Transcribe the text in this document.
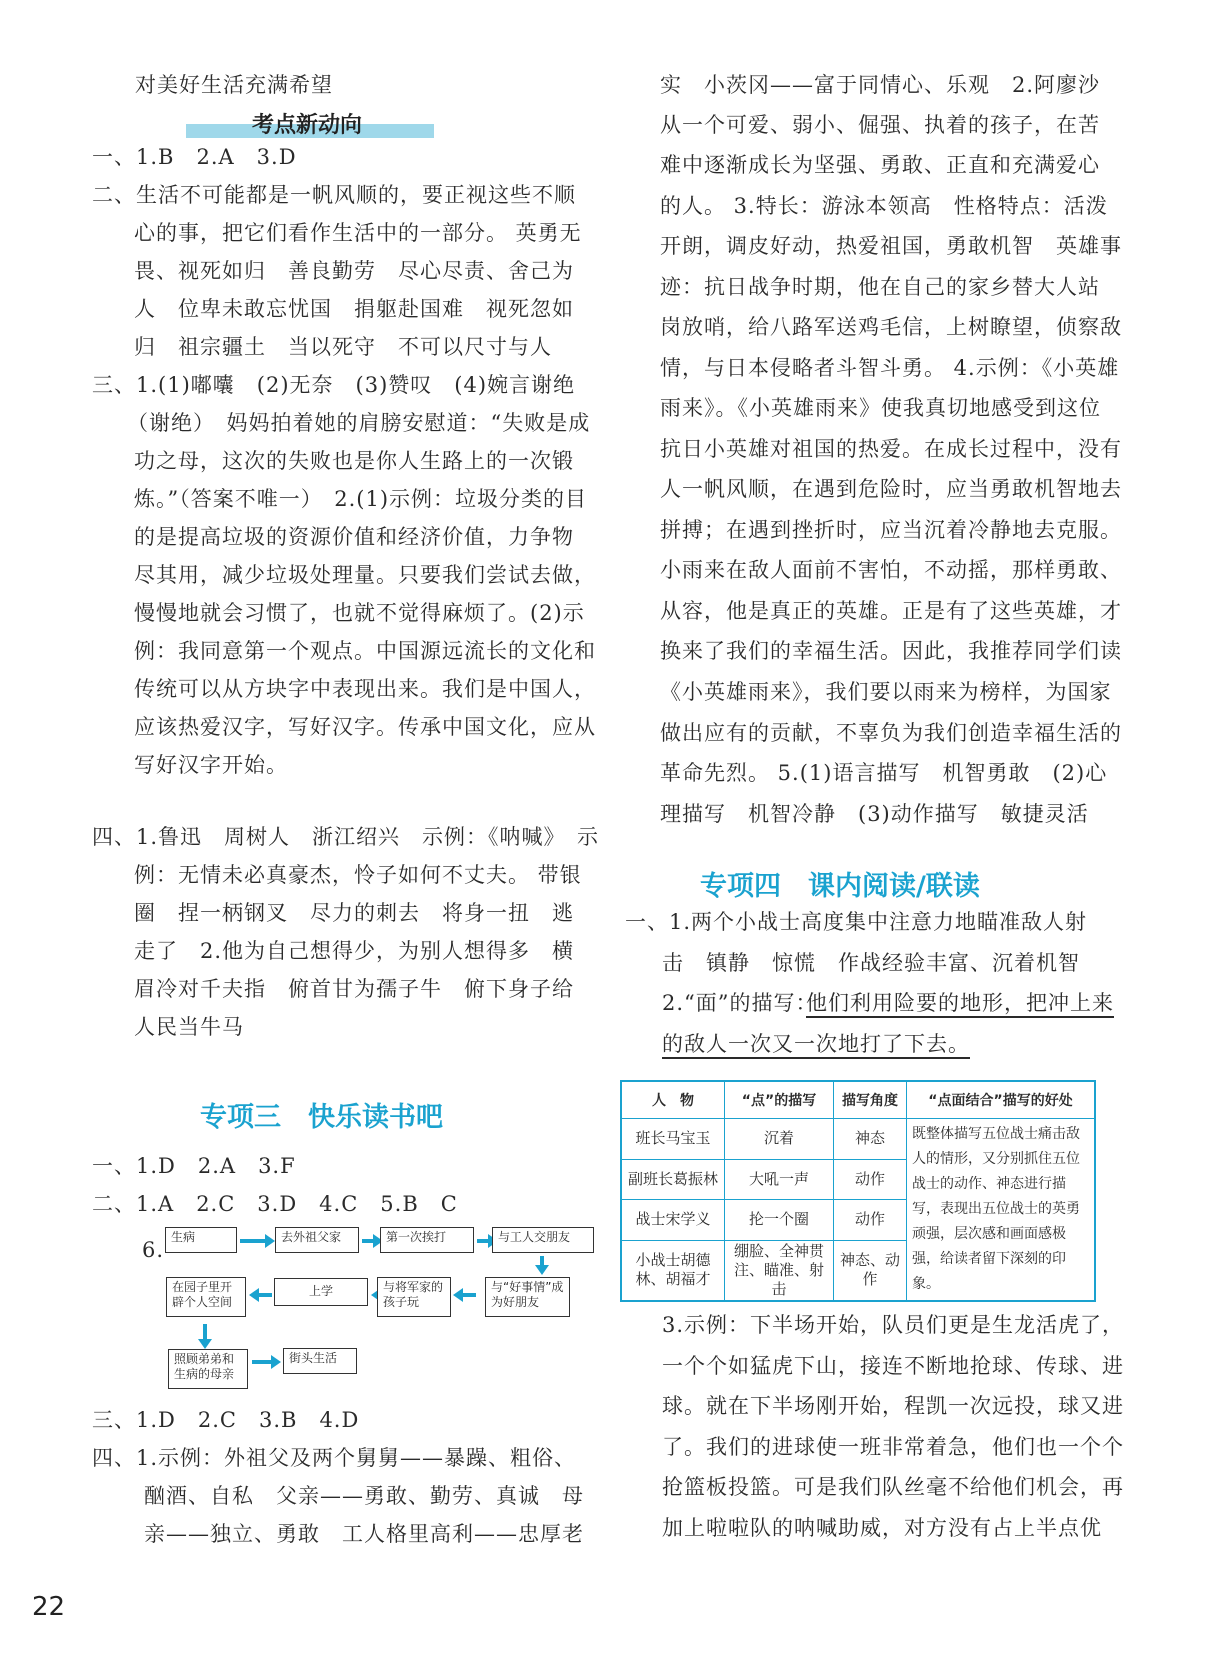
对美好生活充满希望
考点新动向
一、1.B　2.A　3.D
二、生活不可能都是一帆风顺的，要正视这些不顺
心的事，把它们看作生活中的一部分。 英勇无
畏、视死如归　善良勤劳　尽心尽责、舍己为
人　位卑未敢忘忧国　捐躯赴国难　视死忽如
归　祖宗疆土　当以死守　不可以尺寸与人
三、1.(1)嘟囔　(2)无奈　(3)赞叹　(4)婉言谢绝
（谢绝）　妈妈拍着她的肩膀安慰道：“失败是成
功之母，这次的失败也是你人生路上的一次锻
炼。”（答案不唯一）　2.(1)示例：垃圾分类的目
的是提高垃圾的资源价值和经济价值，力争物
尽其用，减少垃圾处理量。只要我们尝试去做，
慢慢地就会习惯了，也就不觉得麻烦了。(2)示
例：我同意第一个观点。中国源远流长的文化和
传统可以从方块字中表现出来。我们是中国人，
应该热爱汉字，写好汉字。传承中国文化，应从
写好汉字开始。
四、1.鲁迅　周树人　浙江绍兴　示例：《呐喊》　示
例：无情未必真豪杰，怜子如何不丈夫。 带银
圈　捏一柄钢叉　尽力的刺去　将身一扭　逃
走了　2.他为自己想得少，为别人想得多　横
眉冷对千夫指　俯首甘为孺子牛　俯下身子给
人民当牛马
专项三　快乐读书吧
一、1.D　2.A　3.F
二、1.A　2.C　3.D　4.C　5.B　C
6.
生病	去外祖父家	第一次挨打	与工人交朋友
在园子里开辟个人空间
上学	与将军家的孩子玩
与“好事情”成为好朋友
照顾弟弟和生病的母亲
街头生活
三、1.D　2.C　3.B　4.D
四、1.示例：外祖父及两个舅舅——暴躁、粗俗、
酗酒、自私　父亲——勇敢、勤劳、真诚　母
亲——独立、勇敢　工人格里高利——忠厚老
实　小茨冈——富于同情心、乐观　2.阿廖沙
从一个可爱、弱小、倔强、执着的孩子，在苦
难中逐渐成长为坚强、勇敢、正直和充满爱心
的人。 3.特长：游泳本领高　性格特点：活泼
开朗，调皮好动，热爱祖国，勇敢机智　英雄事
迹：抗日战争时期，他在自己的家乡替大人站
岗放哨，给八路军送鸡毛信，上树瞭望，侦察敌
情，与日本侵略者斗智斗勇。 4.示例：《小英雄
雨来》。《小英雄雨来》使我真切地感受到这位
抗日小英雄对祖国的热爱。在成长过程中，没有
人一帆风顺，在遇到危险时，应当勇敢机智地去
拼搏；在遇到挫折时，应当沉着冷静地去克服。
小雨来在敌人面前不害怕，不动摇，那样勇敢、
从容，他是真正的英雄。正是有了这些英雄，才
换来了我们的幸福生活。因此，我推荐同学们读
《小英雄雨来》，我们要以雨来为榜样，为国家
做出应有的贡献，不辜负为我们创造幸福生活的
革命先烈。 5.(1)语言描写　机智勇敢　(2)心
理描写　机智冷静　(3)动作描写　敏捷灵活
专项四　课内阅读/联读
一、1.两个小战士高度集中注意力地瞄准敌人射
击　镇静　惊慌　作战经验丰富、沉着机智
2.“面”的描写：
他们利用险要的地形，把冲上来
的敌人一次又一次地打了下去。
人　物	“点”的描写	描写角度	“点面结合”描写的好处
班长马宝玉	沉着	神态	既整体描写五位战士痛击敌人的情形，又分别抓住五位战士的动作、神态进行描写，表现出五位战士的英勇顽强，层次感和画面感极强，给读者留下深刻的印象。
副班长葛振林	大吼一声	动作	
战士宋学义	抡一个圈	动作	
小战士胡德林、胡福才	绷脸、全神贯注、瞄准、射击	神态、动作	
3.示例：下半场开始，队员们更是生龙活虎了，
一个个如猛虎下山，接连不断地抢球、传球、进
球。就在下半场刚开始，程凯一次远投，球又进
了。我们的进球使一班非常着急，他们也一个个
抢篮板投篮。可是我们队丝毫不给他们机会，再
加上啦啦队的呐喊助威，对方没有占上半点优
22
